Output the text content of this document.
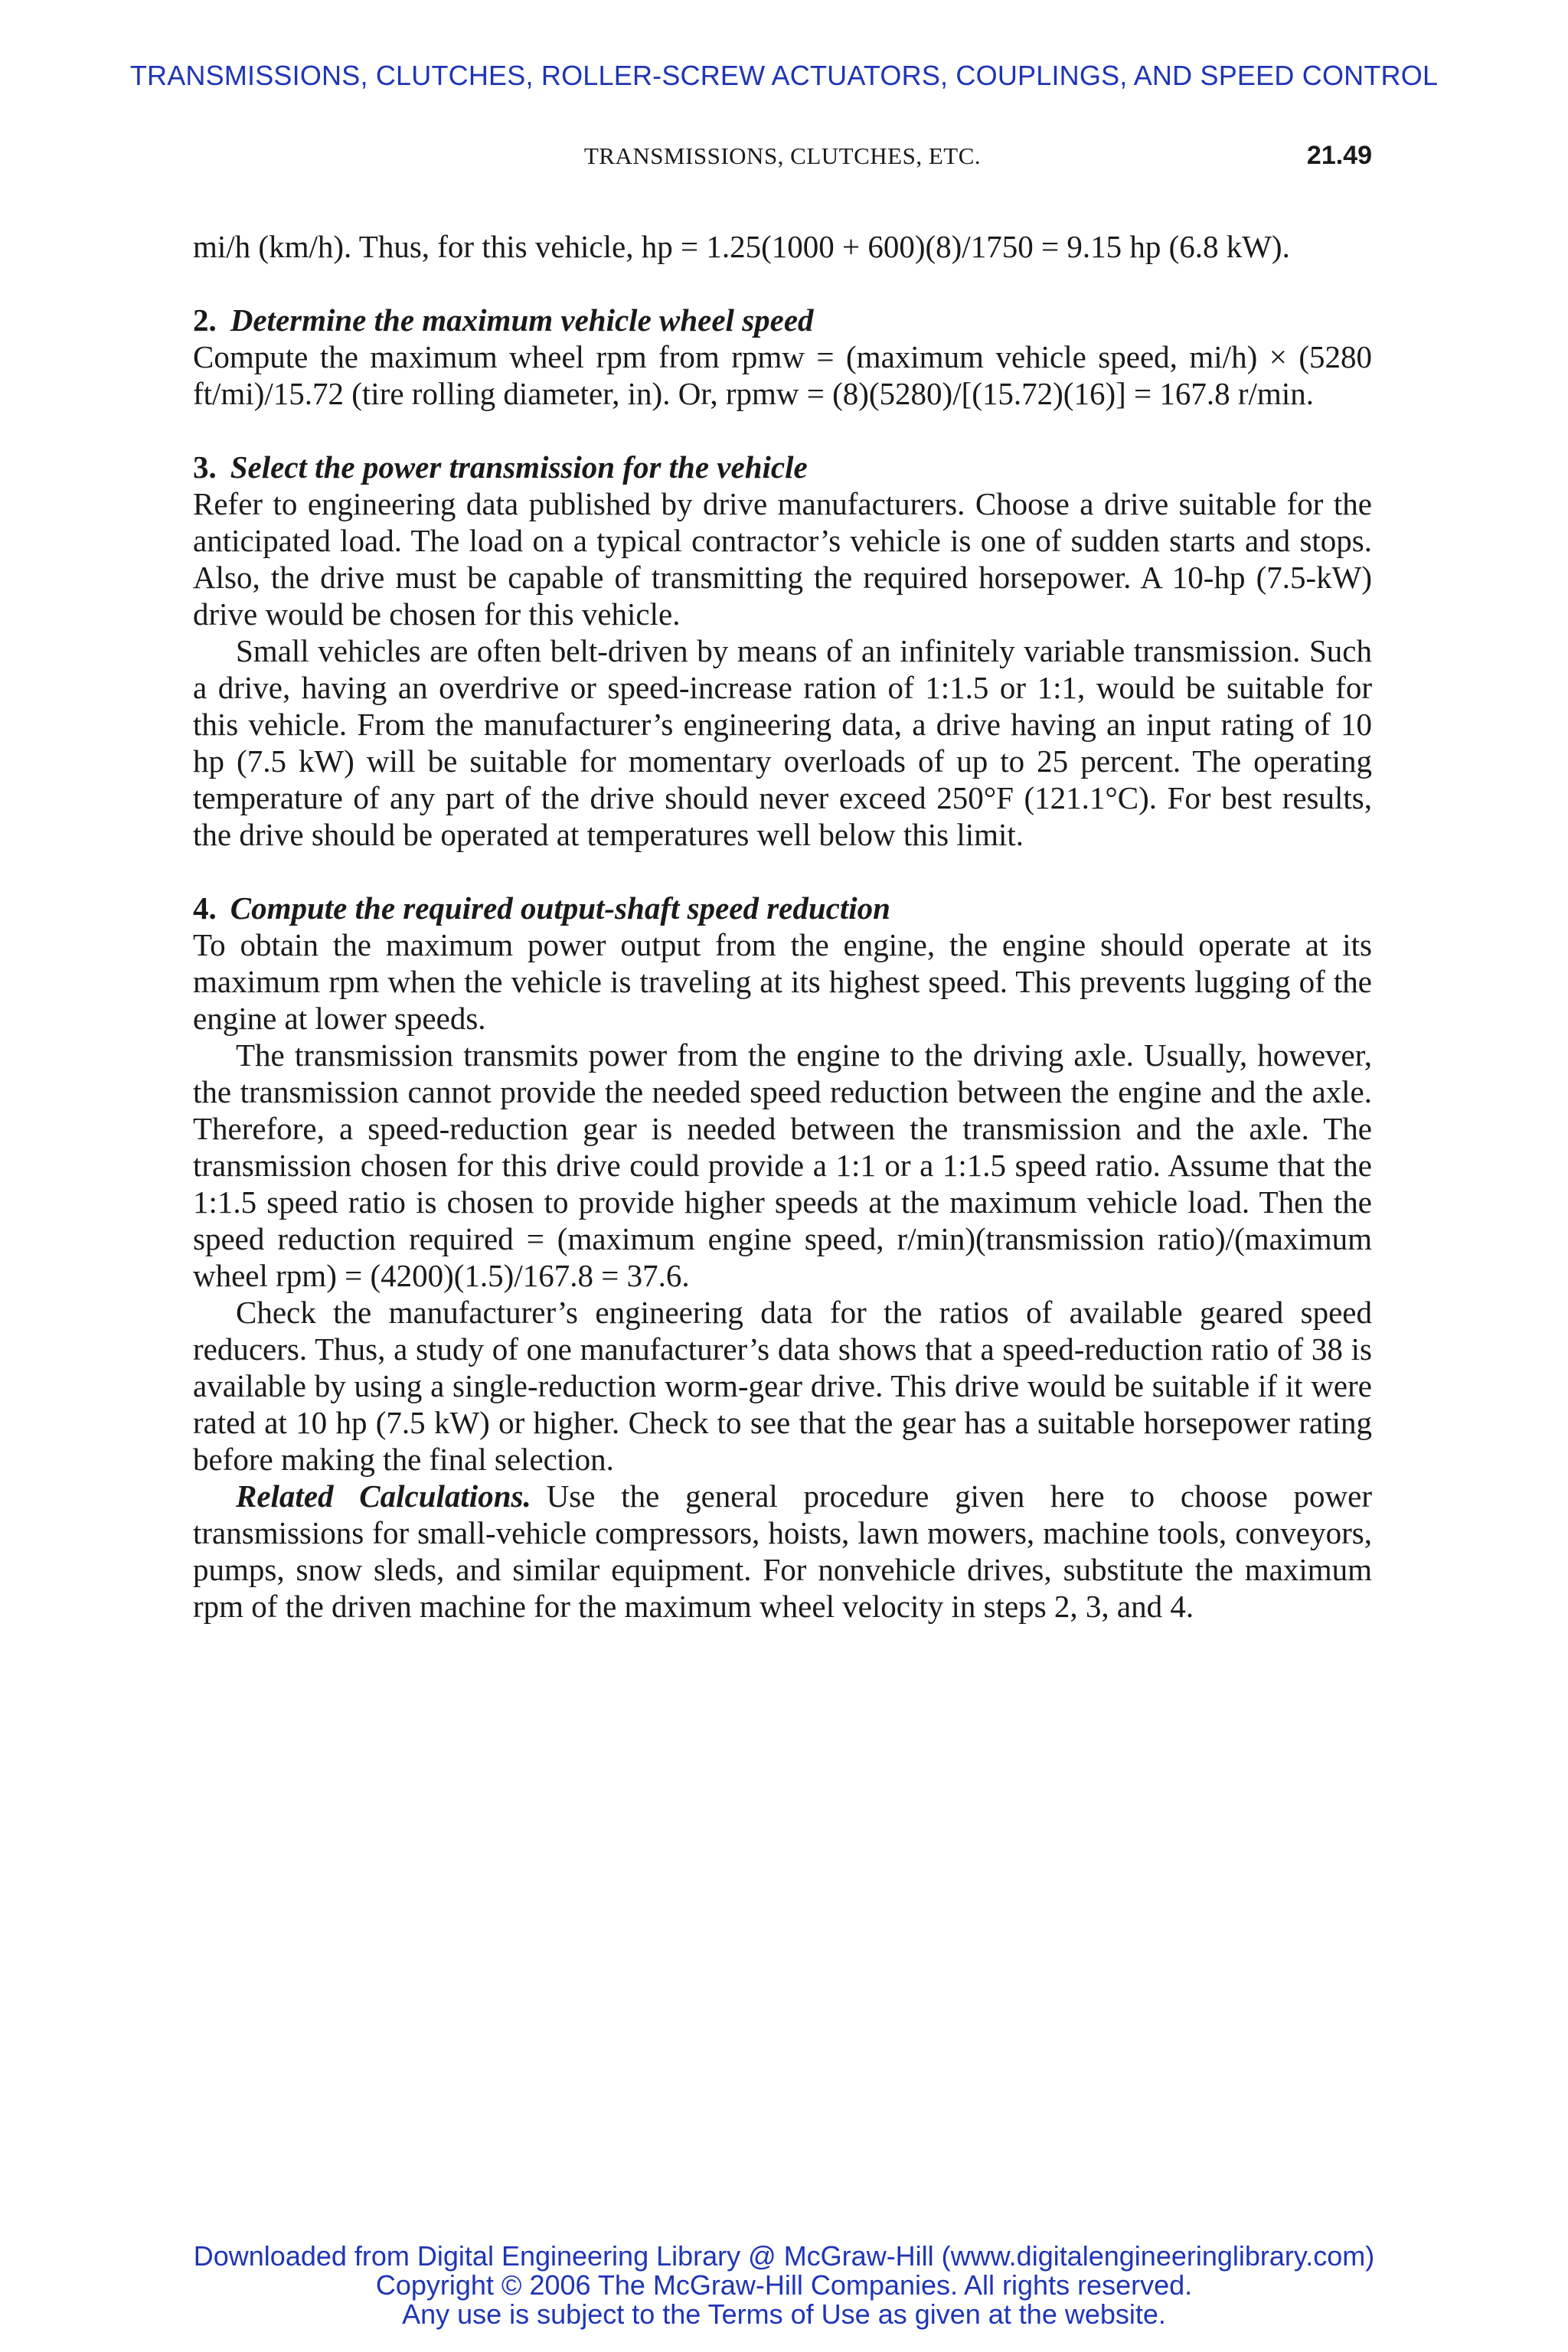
TRANSMISSIONS, CLUTCHES, ROLLER-SCREW ACTUATORS, COUPLINGS, AND SPEED CONTROL
TRANSMISSIONS, CLUTCHES, ETC.	21.49

mi/h (km/h). Thus, for this vehicle, hp = 1.25(1000 + 600)(8)/1750 = 9.15 hp (6.8 kW).

2. Determine the maximum vehicle wheel speed

Compute the maximum wheel rpm from rpmw = (maximum vehicle speed, mi/h) × (5280 ft/mi)/15.72 (tire rolling diameter, in). Or, rpmw = (8)(5280)/[(15.72)(16)] = 167.8 r/min.

3. Select the power transmission for the vehicle

Refer to engineering data published by drive manufacturers. Choose a drive suitable for the anticipated load. The load on a typical contractor’s vehicle is one of sudden starts and stops. Also, the drive must be capable of transmitting the required horsepower. A 10-hp (7.5-kW) drive would be chosen for this vehicle.

Small vehicles are often belt-driven by means of an infinitely variable transmission. Such a drive, having an overdrive or speed-increase ration of 1:1.5 or 1:1, would be suitable for this vehicle. From the manufacturer’s engineering data, a drive having an input rating of 10 hp (7.5 kW) will be suitable for momentary overloads of up to 25 percent. The operating temperature of any part of the drive should never exceed 250°F (121.1°C). For best results, the drive should be operated at temperatures well below this limit.

4. Compute the required output-shaft speed reduction

To obtain the maximum power output from the engine, the engine should operate at its maximum rpm when the vehicle is traveling at its highest speed. This prevents lugging of the engine at lower speeds.

The transmission transmits power from the engine to the driving axle. Usually, however, the transmission cannot provide the needed speed reduction between the engine and the axle. Therefore, a speed-reduction gear is needed between the transmission and the axle. The transmission chosen for this drive could provide a 1:1 or a 1:1.5 speed ratio. Assume that the 1:1.5 speed ratio is chosen to provide higher speeds at the maximum vehicle load. Then the speed reduction required = (maximum engine speed, r/min)(transmission ratio)/(maximum wheel rpm) = (4200)(1.5)/167.8 = 37.6.

Check the manufacturer’s engineering data for the ratios of available geared speed reducers. Thus, a study of one manufacturer’s data shows that a speed-reduction ratio of 38 is available by using a single-reduction worm-gear drive. This drive would be suitable if it were rated at 10 hp (7.5 kW) or higher. Check to see that the gear has a suitable horsepower rating before making the final selection.

Related Calculations. Use the general procedure given here to choose power transmissions for small-vehicle compressors, hoists, lawn mowers, machine tools, conveyors, pumps, snow sleds, and similar equipment. For nonvehicle drives, substitute the maximum rpm of the driven machine for the maximum wheel velocity in steps 2, 3, and 4.

Downloaded from Digital Engineering Library @ McGraw-Hill (www.digitalengineeringlibrary.com)
Copyright © 2006 The McGraw-Hill Companies. All rights reserved.
Any use is subject to the Terms of Use as given at the website.
